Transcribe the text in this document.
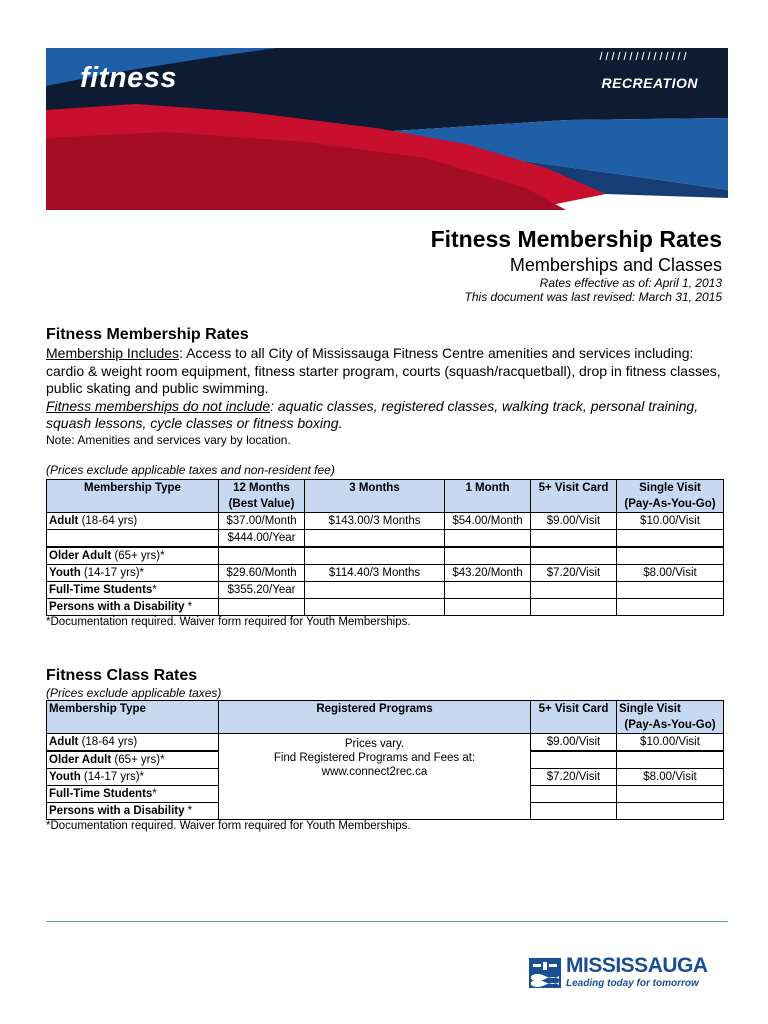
fitness	RECREATION
Fitness Membership Rates
Memberships and Classes
Rates effective as of: April 1, 2013
This document was last revised: March 31, 2015
Fitness Membership Rates
Membership Includes: Access to all City of Mississauga Fitness Centre amenities and services including: cardio & weight room equipment, fitness starter program, courts (squash/racquetball), drop in fitness classes, public skating and public swimming.
Fitness memberships do not include: aquatic classes, registered classes, walking track, personal training, squash lessons, cycle classes or fitness boxing.
Note: Amenities and services vary by location.
(Prices exclude applicable taxes and non-resident fee)
Membership Type	12 Months	3 Months	1 Month	5+ Visit Card	Single Visit
	(Best Value)				(Pay-As-You-Go)
Adult (18-64 yrs)	$37.00/Month	$143.00/3 Months	$54.00/Month	$9.00/Visit	$10.00/Visit
	$444.00/Year				
Older Adult (65+ yrs)*					
Youth (14-17 yrs)*	$29.60/Month	$114.40/3 Months	$43.20/Month	$7.20/Visit	$8.00/Visit
Full-Time Students*	$355.20/Year				
Persons with a Disability *					
*Documentation required. Waiver form required for Youth Memberships.
Fitness Class Rates
(Prices exclude applicable taxes)
Membership Type	Registered Programs	5+ Visit Card	Single Visit
			(Pay-As-You-Go)
Adult (18-64 yrs)	Prices vary.
Find Registered Programs and Fees at:
www.connect2rec.ca	$9.00/Visit	$10.00/Visit
Older Adult (65+ yrs)*			
Youth (14-17 yrs)*		$7.20/Visit	$8.00/Visit
Full-Time Students*			
Persons with a Disability *			
*Documentation required. Waiver form required for Youth Memberships.
MISSISSAUGA
Leading today for tomorrow
